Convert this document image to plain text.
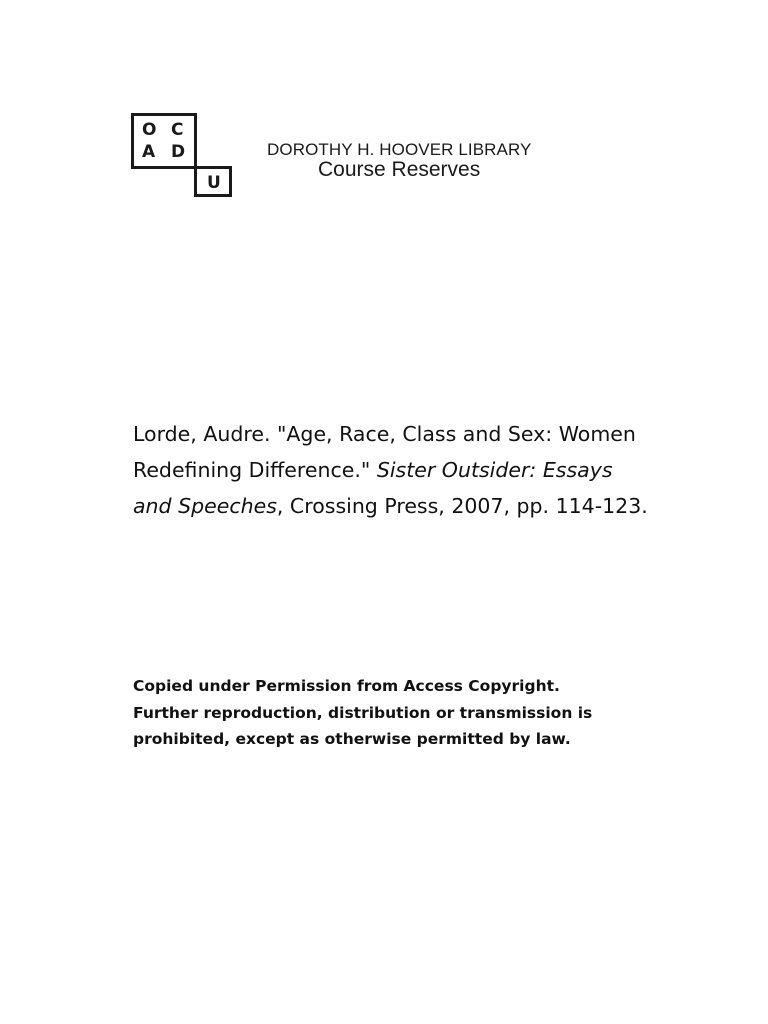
O C
A D
U
DOROTHY H. HOOVER LIBRARY
Course Reserves
Lorde, Audre. "Age, Race, Class and Sex: Women Redefining Difference." Sister Outsider: Essays and Speeches, Crossing Press, 2007, pp. 114-123.
Copied under Permission from Access Copyright.
Further reproduction, distribution or transmission is
prohibited, except as otherwise permitted by law.
